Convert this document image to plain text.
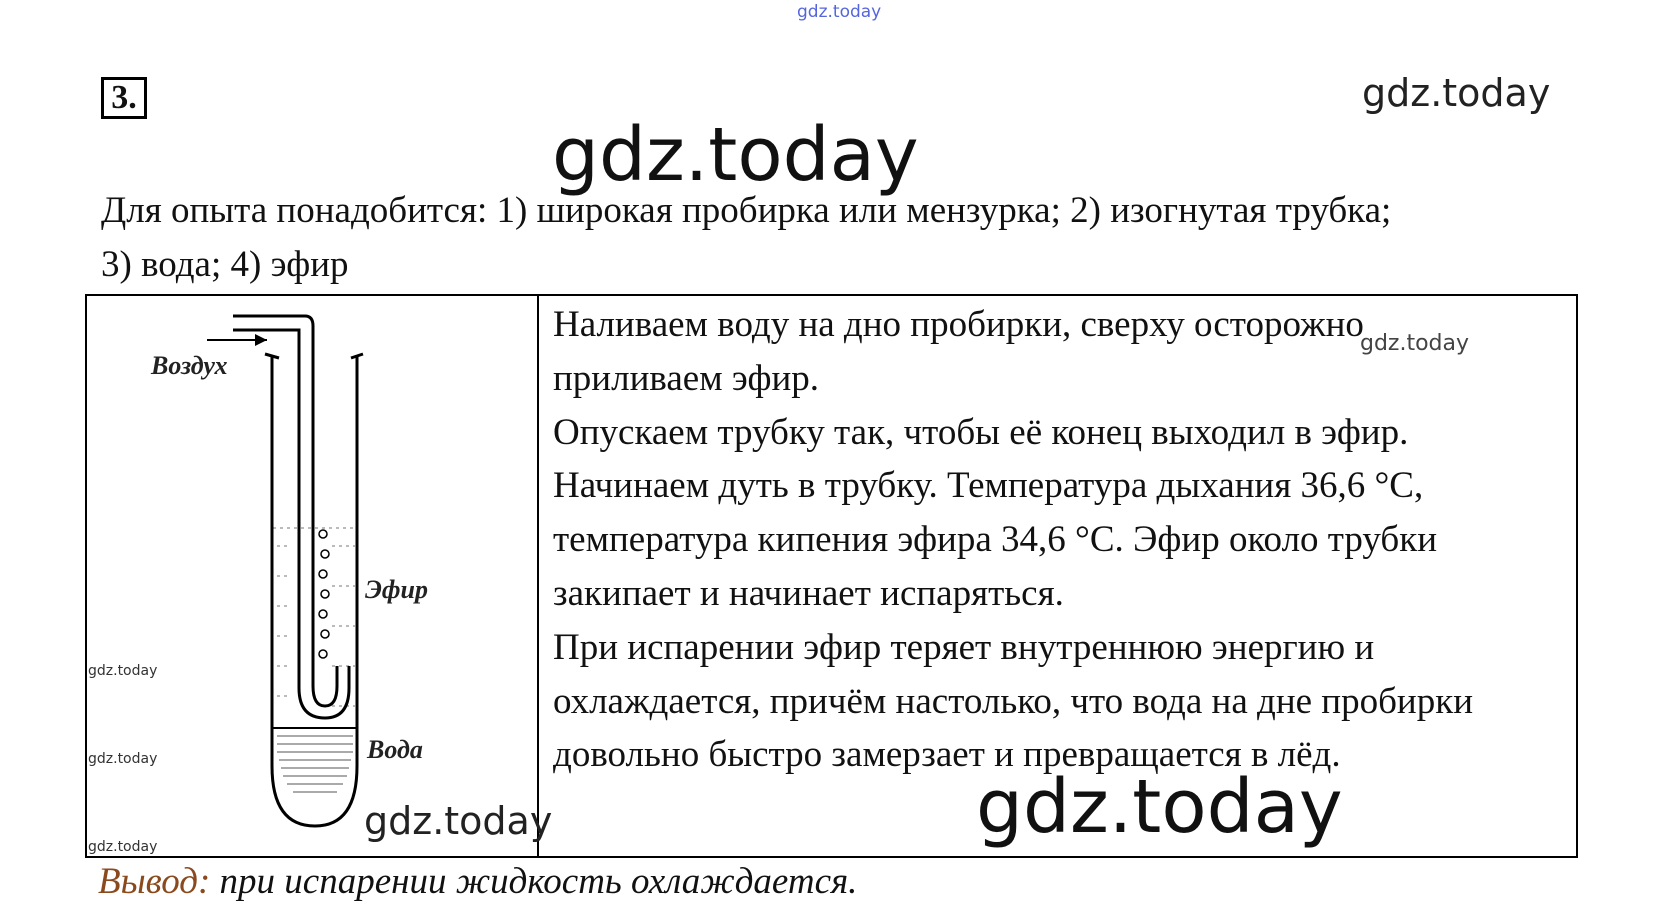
gdz.today
gdz.today
3.
Для опыта понадобится: 1) широкая пробирка или мензурка; 2) изогнутая трубка;
3) вода; 4) эфир
Воздух
Эфир
Вода

Наливаем воду на дно пробирки, сверху осторожно

приливаем эфир.

Опускаем трубку так, чтобы её конец выходил в эфир.

Начинаем дуть в трубку. Температура дыхания 36,6 °С,

температура кипения эфира 34,6 °С. Эфир около трубки

закипает и начинает испаряться.

При испарении эфир теряет внутреннюю энергию и

охлаждается, причём настолько, что вода на дне пробирки

довольно быстро замерзает и превращается в лёд.

gdz.today
gdz.today
gdz.today
gdz.today
gdz.today
gdz.today	gdz.today
Вывод: при испарении жидкость охлаждается.
